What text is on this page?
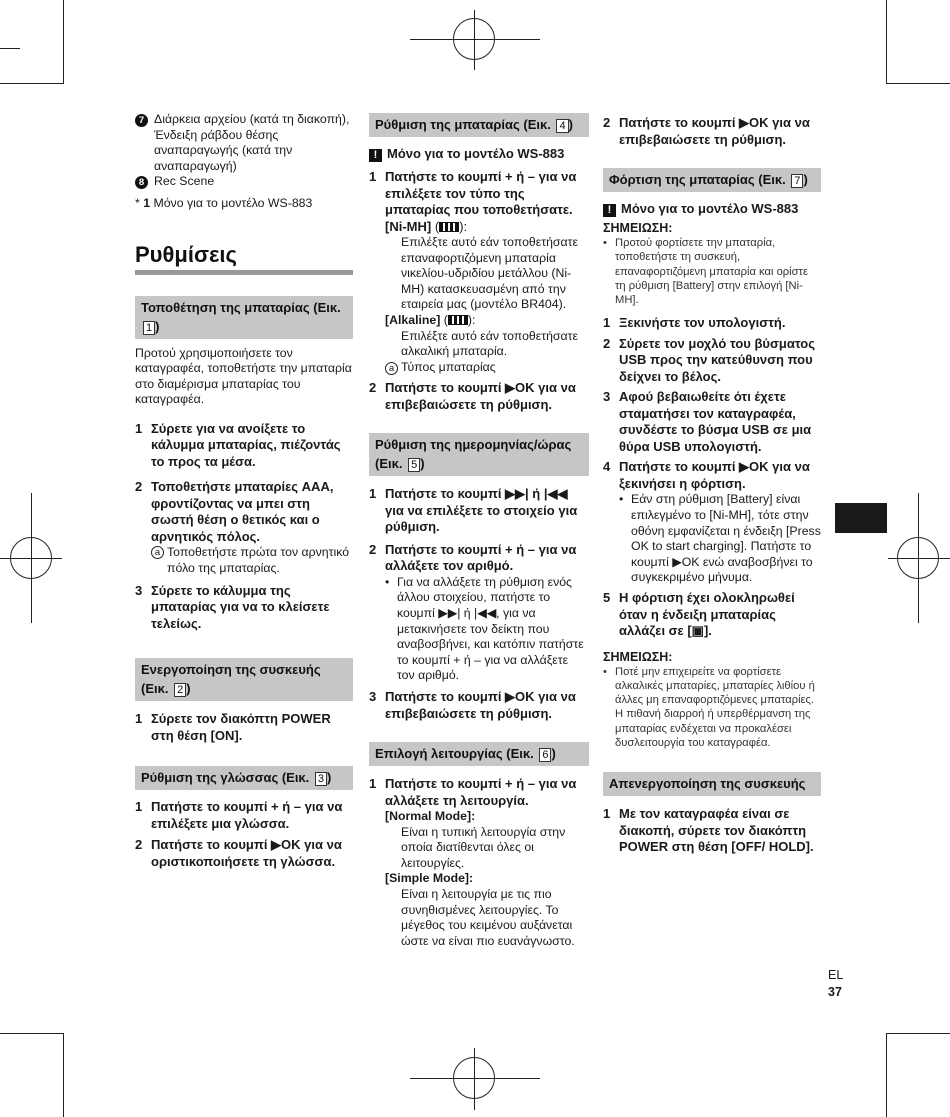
7 Διάρκεια αρχείου (κατά τη διακοπή), Ένδειξη ράβδου θέσης αναπαραγωγής (κατά την αναπαραγωγή)
8 Rec Scene
* 1 Μόνο για το μοντέλο WS-883
Ρυθμίσεις
Τοποθέτηση της μπαταρίας (Εικ. 1 )
Προτού χρησιμοποιήσετε τον καταγραφέα, τοποθετήστε την μπαταρία στο διαμέρισμα μπαταρίας του καταγραφέα.
1 Σύρετε για να ανοίξετε το κάλυμμα μπαταρίας, πιέζοντάς το προς τα μέσα.
2 Τοποθετήστε μπαταρίες AAA, φροντίζοντας να μπει στη σωστή θέση ο θετικός και ο αρνητικός πόλος.
a Τοποθετήστε πρώτα τον αρνητικό πόλο της μπαταρίας.
3 Σύρετε το κάλυμμα της μπαταρίας για να το κλείσετε τελείως.
Ενεργοποίηση της συσκευής (Εικ. 2 )
1 Σύρετε τον διακόπτη POWER στη θέση [ON].
Ρύθμιση της γλώσσας (Εικ. 3 )
1 Πατήστε το κουμπί + ή – για να επιλέξετε μια γλώσσα.
2 Πατήστε το κουμπί ▶OK για να οριστικοποιήσετε τη γλώσσα.
Ρύθμιση της μπαταρίας (Εικ. 4 )
! Μόνο για το μοντέλο WS-883
1 Πατήστε το κουμπί + ή – για να επιλέξετε τον τύπο της μπαταρίας που τοποθετήσατε.
[Ni-MH] ( ):
Επιλέξτε αυτό εάν τοποθετήσατε επαναφορτιζόμενη μπαταρία νικελίου-υδριδίου μετάλλου (Ni-MH) κατασκευασμένη από την εταιρεία μας (μοντέλο BR404).
[Alkaline] ( ):
Επιλέξτε αυτό εάν τοποθετήσατε αλκαλική μπαταρία.
a Τύπος μπαταρίας
2 Πατήστε το κουμπί ▶OK για να επιβεβαιώσετε τη ρύθμιση.
Ρύθμιση της ημερομηνίας/ώρας (Εικ. 5 )
1 Πατήστε το κουμπί ▶▶| ή |◀◀ για να επιλέξετε το στοιχείο για ρύθμιση.
2 Πατήστε το κουμπί + ή – για να αλλάξετε τον αριθμό.
• Για να αλλάξετε τη ρύθμιση ενός άλλου στοιχείου, πατήστε το κουμπί ▶▶| ή |◀◀, για να μετακινήσετε τον δείκτη που αναβοσβήνει, και κατόπιν πατήστε το κουμπί + ή – για να αλλάξετε τον αριθμό.
3 Πατήστε το κουμπί ▶OK για να επιβεβαιώσετε τη ρύθμιση.
Επιλογή λειτουργίας (Εικ. 6 )
1 Πατήστε το κουμπί + ή – για να αλλάξετε τη λειτουργία.
[Normal Mode]:
Είναι η τυπική λειτουργία στην οποία διατίθενται όλες οι λειτουργίες.
[Simple Mode]:
Είναι η λειτουργία με τις πιο συνηθισμένες λειτουργίες. Το μέγεθος του κειμένου αυξάνεται ώστε να είναι πιο ευανάγνωστο.
2 Πατήστε το κουμπί ▶OK για να επιβεβαιώσετε τη ρύθμιση.
Φόρτιση της μπαταρίας (Εικ. 7 )
! Μόνο για το μοντέλο WS-883
ΣΗΜΕΙΩΣΗ:
• Προτού φορτίσετε την μπαταρία, τοποθετήστε τη συσκευή, επαναφορτιζόμενη μπαταρία και ορίστε τη ρύθμιση [Battery] στην επιλογή [Ni-MH].
1 Ξεκινήστε τον υπολογιστή.
2 Σύρετε τον μοχλό του βύσματος USB προς την κατεύθυνση που δείχνει το βέλος.
3 Αφού βεβαιωθείτε ότι έχετε σταματήσει τον καταγραφέα, συνδέστε το βύσμα USB σε μια θύρα USB υπολογιστή.
4 Πατήστε το κουμπί ▶OK για να ξεκινήσει η φόρτιση.
• Εάν στη ρύθμιση [Battery] είναι επιλεγμένο το [Ni-MH], τότε στην οθόνη εμφανίζεται η ένδειξη [Press OK to start charging]. Πατήστε το κουμπί ▶OK ενώ αναβοσβήνει το συγκεκριμένο μήνυμα.
5 Η φόρτιση έχει ολοκληρωθεί όταν η ένδειξη μπαταρίας αλλάζει σε [▣].
ΣΗΜΕΙΩΣΗ:
• Ποτέ μην επιχειρείτε να φορτίσετε αλκαλικές μπαταρίες, μπαταρίες λιθίου ή άλλες μη επαναφορτιζόμενες μπαταρίες. Η πιθανή διαρροή ή υπερθέρμανση της μπαταρίας ενδέχεται να προκαλέσει δυσλειτουργία του καταγραφέα.
Απενεργοποίηση της συσκευής
1 Με τον καταγραφέα είναι σε διακοπή, σύρετε τον διακόπτη POWER στη θέση [OFF/ HOLD].
EL
37
